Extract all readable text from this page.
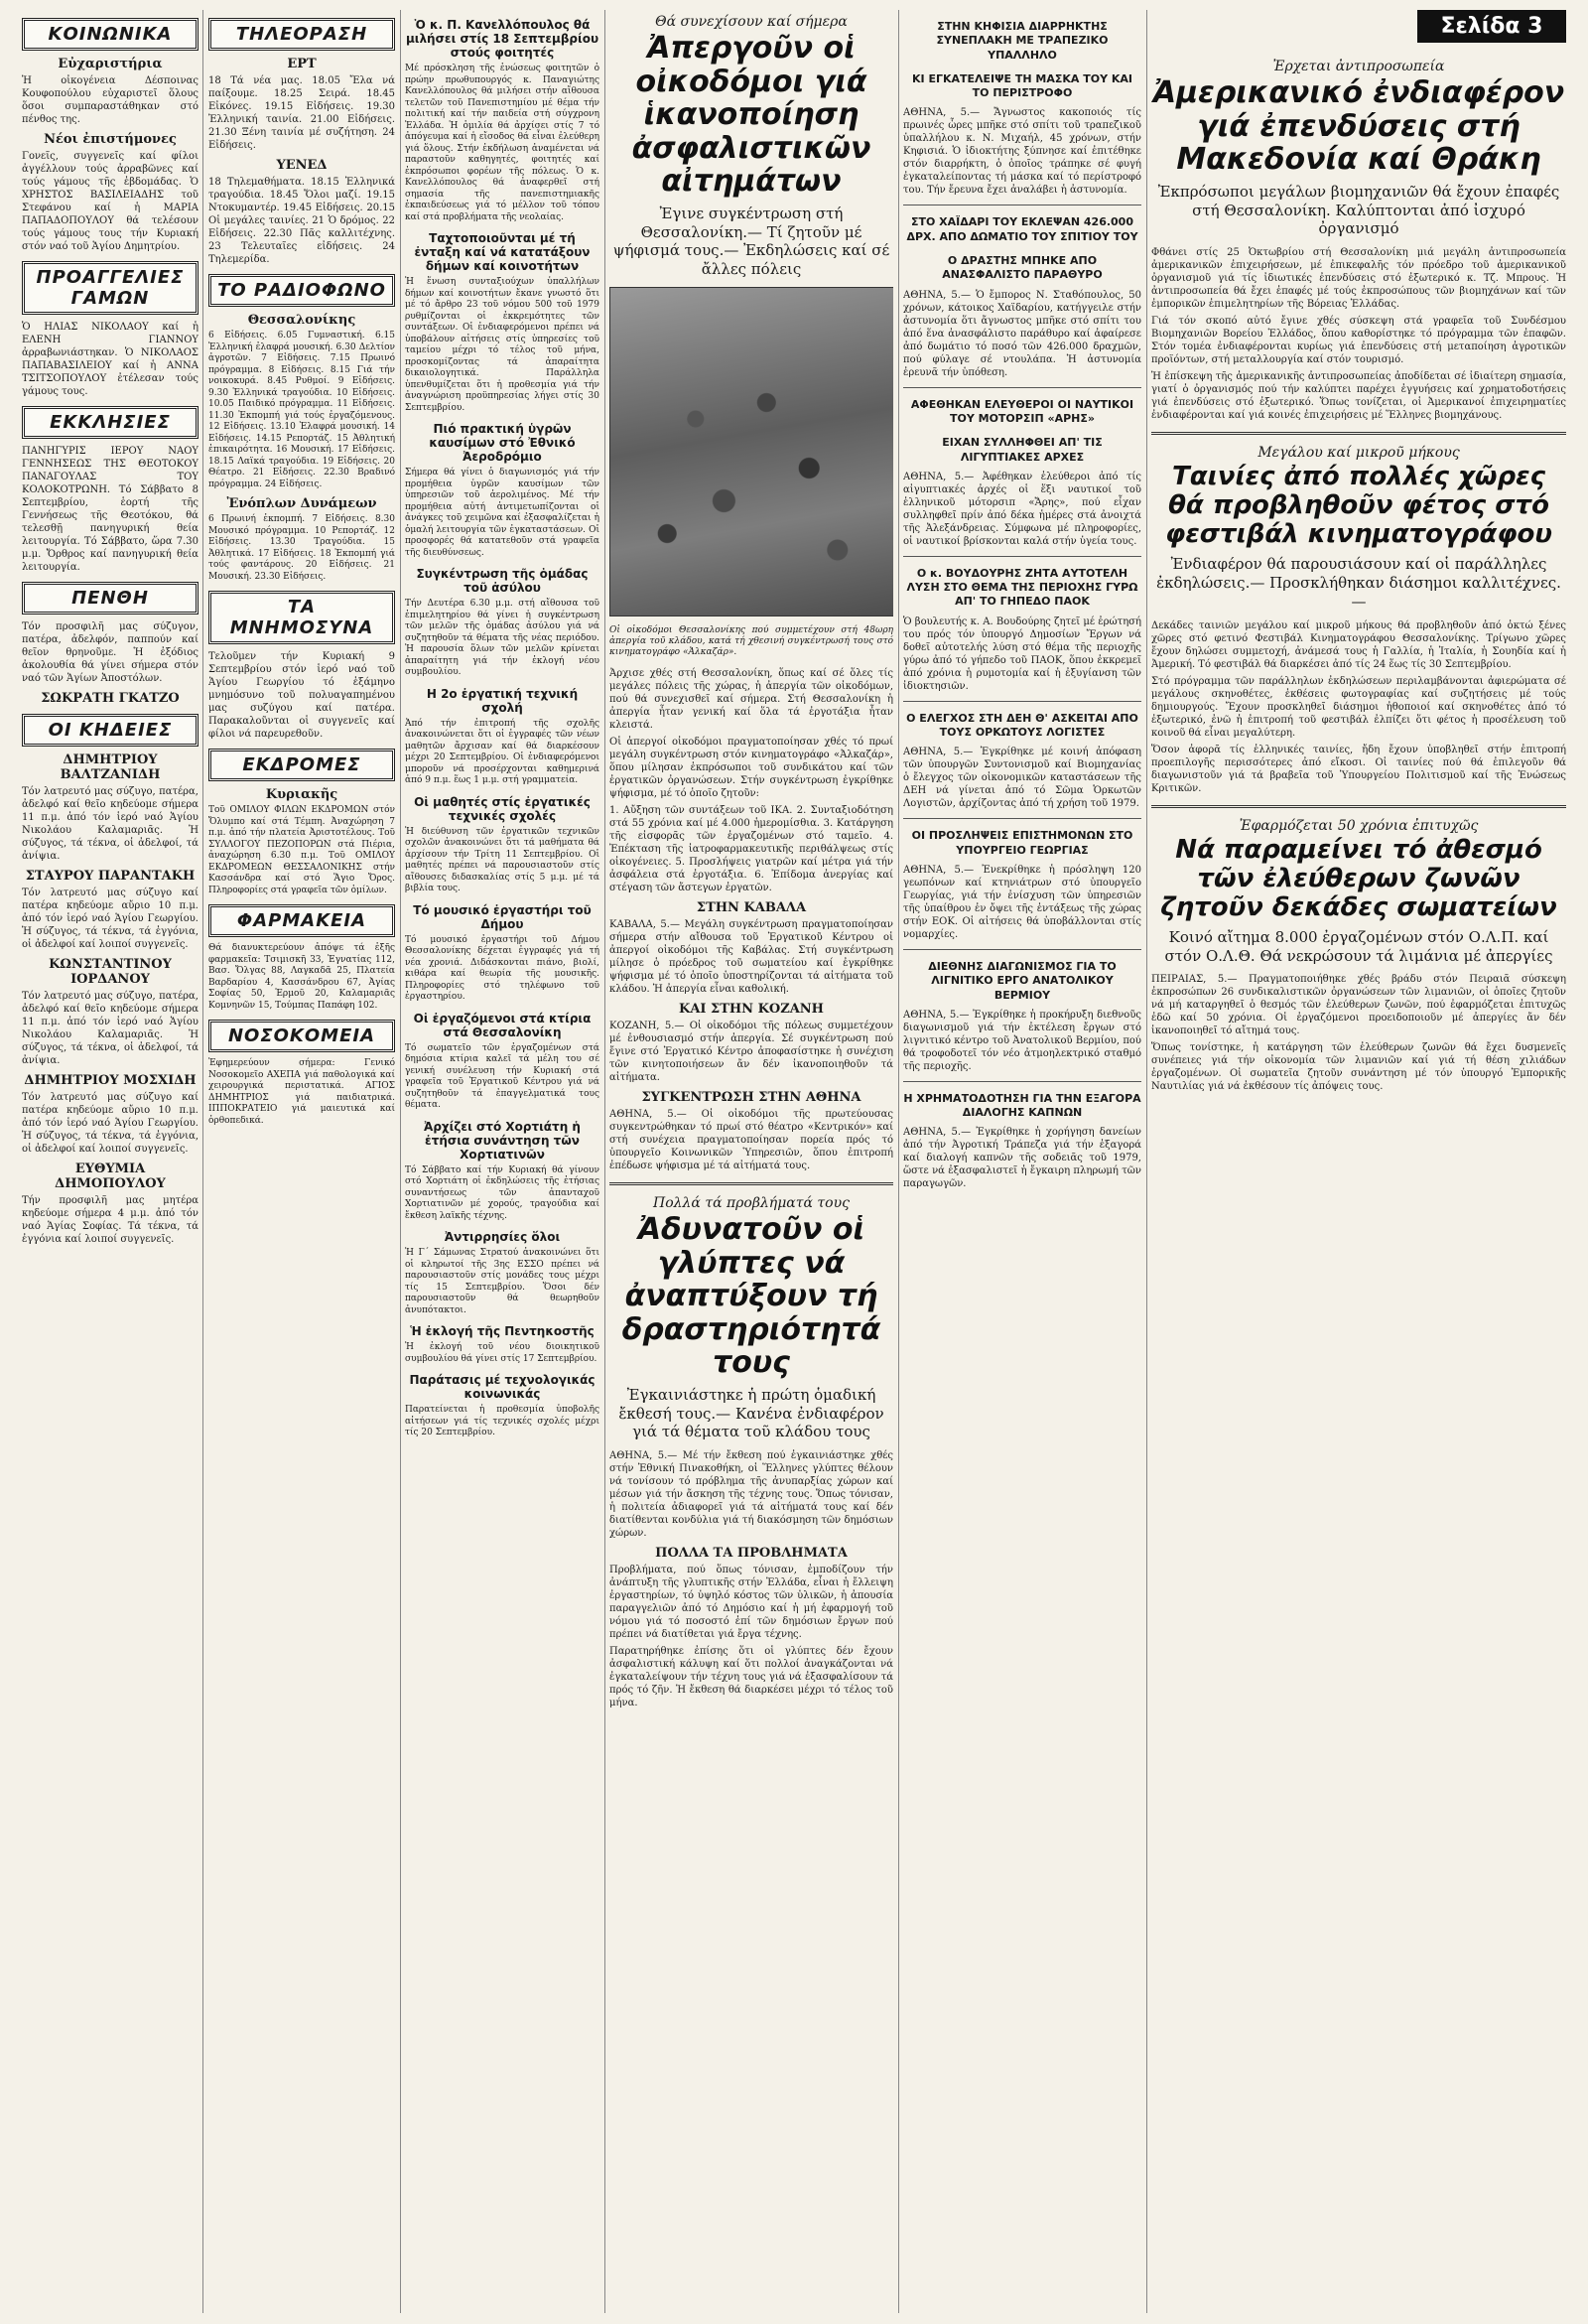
ΚΟΙΝΩΝΙΚΑ
Εὐχαριστήρια

Ἡ οἰκογένεια Δέσποινας Κουφοπούλου εὐχαριστεῖ ὅλους ὅσοι συμπαραστάθηκαν στό πένθος της.

Νέοι ἐπιστήμονες

Γονεῖς, συγγενεῖς καί φίλοι ἀγγέλλουν τούς ἀρραβῶνες καί τούς γάμους τῆς ἑβδομάδας. Ὁ ΧΡΗΣΤΟΣ ΒΑΣΙΛΕΙΑΔΗΣ τοῦ Στεφάνου καί ἡ ΜΑΡΙΑ ΠΑΠΑΔΟΠΟΥΛΟΥ θά τελέσουν τούς γάμους τους τήν Κυριακή στόν ναό τοῦ Ἁγίου Δημητρίου.

ΠΡΟΑΓΓΕΛΙΕΣ ΓΑΜΩΝ

Ὁ ΗΛΙΑΣ ΝΙΚΟΛΑΟΥ καί ἡ ΕΛΕΝΗ ΓΙΑΝΝΟΥ ἀρραβωνιάστηκαν. Ὁ ΝΙΚΟΛΑΟΣ ΠΑΠΑΒΑΣΙΛΕΙΟΥ καί ἡ ΑΝΝΑ ΤΣΙΤΣΟΠΟΥΛΟΥ ἐτέλεσαν τούς γάμους τους.

ΕΚΚΛΗΣΙΕΣ

ΠΑΝΗΓΥΡΙΣ ΙΕΡΟΥ ΝΑΟΥ ΓΕΝΝΗΣΕΩΣ ΤΗΣ ΘΕΟΤΟΚΟΥ ΠΑΝΑΓΟΥΛΑΣ ΤΟΥ ΚΟΛΟΚΟΤΡΩΝΗ. Τό Σάββατο 8 Σεπτεμβρίου, ἑορτή τῆς Γεννήσεως τῆς Θεοτόκου, θά τελεσθῇ πανηγυρική θεία λειτουργία. Τό Σάββατο, ὥρα 7.30 μ.μ. Ὄρθρος καί πανηγυρική θεία λειτουργία.

ΠΕΝΘΗ

Τόν προσφιλῆ μας σύζυγον, πατέρα, ἀδελφόν, παππούν καί θεῖον θρηνοῦμε. Ἡ ἐξόδιος ἀκολουθία θά γίνει σήμερα στόν ναό τῶν Ἁγίων Ἀποστόλων.

ΣΩΚΡΑΤΗ ΓΚΑΤΖΟ
ΟΙ ΚΗΔΕΙΕΣ
ΔΗΜΗΤΡΙΟΥ ΒΑΛΤΖΑΝΙΔΗ

Τόν λατρευτό μας σύζυγο, πατέρα, ἀδελφό καί θεῖο κηδεύομε σήμερα 11 π.μ. ἀπό τόν ἱερό ναό Ἁγίου Νικολάου Καλαμαριᾶς. Ἡ σύζυγος, τά τέκνα, οἱ ἀδελφοί, τά ἀνίψια.

ΣΤΑΥΡΟΥ ΠΑΡΑΝΤΑΚΗ

Τόν λατρευτό μας σύζυγο καί πατέρα κηδεύομε αὔριο 10 π.μ. ἀπό τόν ἱερό ναό Ἁγίου Γεωργίου. Ἡ σύζυγος, τά τέκνα, τά ἐγγόνια, οἱ ἀδελφοί καί λοιποί συγγενεῖς.

ΚΩΝΣΤΑΝΤΙΝΟΥ ΙΟΡΔΑΝΟΥ

Τόν λατρευτό μας σύζυγο, πατέρα, ἀδελφό καί θεῖο κηδεύομε σήμερα 11 π.μ. ἀπό τόν ἱερό ναό Ἁγίου Νικολάου Καλαμαριᾶς. Ἡ σύζυγος, τά τέκνα, οἱ ἀδελφοί, τά ἀνίψια.

ΔΗΜΗΤΡΙΟΥ ΜΟΣΧΙΔΗ

Τόν λατρευτό μας σύζυγο καί πατέρα κηδεύομε αὔριο 10 π.μ. ἀπό τόν ἱερό ναό Ἁγίου Γεωργίου. Ἡ σύζυγος, τά τέκνα, τά ἐγγόνια, οἱ ἀδελφοί καί λοιποί συγγενεῖς.

ΕΥΘΥΜΙΑ ΔΗΜΟΠΟΥΛΟΥ

Τήν προσφιλῆ μας μητέρα κηδεύομε σήμερα 4 μ.μ. ἀπό τόν ναό Ἁγίας Σοφίας. Τά τέκνα, τά ἐγγόνια καί λοιποί συγγενεῖς.

ΤΗΛΕΟΡΑΣΗ
ΕΡΤ

18 Τά νέα μας. 18.05 Ἔλα νά παίξουμε. 18.25 Σειρά. 18.45 Εἰκόνες. 19.15 Εἰδήσεις. 19.30 Ἐλληνική ταινία. 21.00 Εἰδήσεις. 21.30 Ξένη ταινία μέ συζήτηση. 24 Εἰδήσεις.

ΥΕΝΕΔ

18 Τηλεμαθήματα. 18.15 Ἑλληνικά τραγούδια. 18.45 Ὅλοι μαζί. 19.15 Ντοκυμαντέρ. 19.45 Εἰδήσεις. 20.15 Οἱ μεγάλες ταινίες. 21 Ὁ δρόμος. 22 Εἰδήσεις. 22.30 Πᾶς καλλιτέχνης. 23 Τελευταῖες εἰδήσεις. 24 Τηλεμερίδα.

ΤΟ ΡΑΔΙΟΦΩΝΟ
Θεσσαλονίκης

6 Εἰδήσεις. 6.05 Γυμναστική. 6.15 Ἑλληνική ἐλαφρά μουσική. 6.30 Δελτίον ἀγροτῶν. 7 Εἰδήσεις. 7.15 Πρωινό πρόγραμμα. 8 Εἰδήσεις. 8.15 Γιά τήν νοικοκυρά. 8.45 Ρυθμοί. 9 Εἰδήσεις. 9.30 Ἑλληνικά τραγούδια. 10 Εἰδήσεις. 10.05 Παιδικό πρόγραμμα. 11 Εἰδήσεις. 11.30 Ἐκπομπή γιά τούς ἐργαζόμενους. 12 Εἰδήσεις. 13.10 Ἐλαφρά μουσική. 14 Εἰδήσεις. 14.15 Ρεπορτάζ. 15 Ἀθλητική ἐπικαιρότητα. 16 Μουσική. 17 Εἰδήσεις. 18.15 Λαϊκά τραγούδια. 19 Εἰδήσεις. 20 Θέατρο. 21 Εἰδήσεις. 22.30 Βραδινό πρόγραμμα. 24 Εἰδήσεις.

Ἐνόπλων Δυνάμεων

6 Πρωινή ἐκπομπή. 7 Εἰδήσεις. 8.30 Μουσικό πρόγραμμα. 10 Ρεπορτάζ. 12 Εἰδήσεις. 13.30 Τραγούδια. 15 Ἀθλητικά. 17 Εἰδήσεις. 18 Ἐκπομπή γιά τούς φαντάρους. 20 Εἰδήσεις. 21 Μουσική. 23.30 Εἰδήσεις.

ΤΑ ΜΝΗΜΟΣΥΝΑ

Τελοῦμεν τήν Κυριακή 9 Σεπτεμβρίου στόν ἱερό ναό τοῦ Ἁγίου Γεωργίου τό ἑξάμηνο μνημόσυνο τοῦ πολυαγαπημένου μας συζύγου καί πατέρα. Παρακαλοῦνται οἱ συγγενεῖς καί φίλοι νά παρευρεθοῦν.

ΕΚΔΡΟΜΕΣ
Κυριακῆς

Τοῦ ΟΜΙΛΟΥ ΦΙΛΩΝ ΕΚΔΡΟΜΩΝ στόν Ὄλυμπο καί στά Τέμπη. Ἀναχώρηση 7 π.μ. ἀπό τήν πλατεία Ἀριστοτέλους. Τοῦ ΣΥΛΛΟΓΟΥ ΠΕΖΟΠΟΡΩΝ στά Πιέρια, ἀναχώρηση 6.30 π.μ. Τοῦ ΟΜΙΛΟΥ ΕΚΔΡΟΜΕΩΝ ΘΕΣΣΑΛΟΝΙΚΗΣ στήν Κασσάνδρα καί στό Ἅγιο Ὄρος. Πληροφορίες στά γραφεῖα τῶν ὁμίλων.

ΦΑΡΜΑΚΕΙΑ

Θά διανυκτερεύουν ἀπόψε τά ἑξῆς φαρμακεῖα: Τσιμισκῆ 33, Ἐγνατίας 112, Βασ. Ὄλγας 88, Λαγκαδᾶ 25, Πλατεία Βαρδαρίου 4, Κασσάνδρου 67, Ἀγίας Σοφίας 50, Ἑρμοῦ 20, Καλαμαριᾶς Κομνηνῶν 15, Τούμπας Παπάφη 102.

ΝΟΣΟΚΟΜΕΙΑ

Ἐφημερεύουν σήμερα: Γενικό Νοσοκομεῖο ΑΧΕΠΑ γιά παθολογικά καί χειρουργικά περιστατικά. ΑΓΙΟΣ ΔΗΜΗΤΡΙΟΣ γιά παιδιατρικά. ΙΠΠΟΚΡΑΤΕΙΟ γιά μαιευτικά καί ὀρθοπεδικά.

Ὁ κ. Π. Κανελλόπουλος θά μιλήσει στίς 18 Σεπτεμβρίου στούς φοιτητές

Μέ πρόσκληση τῆς ἑνώσεως φοιτητῶν ὁ πρώην πρωθυπουργός κ. Παναγιώτης Κανελλόπουλος θά μιλήσει στήν αἴθουσα τελετῶν τοῦ Πανεπιστημίου μέ θέμα τήν πολιτική καί τήν παιδεία στή σύγχρονη Ἑλλάδα. Ἡ ὁμιλία θά ἀρχίσει στίς 7 τό ἀπόγευμα καί ἡ εἴσοδος θά εἶναι ἐλεύθερη γιά ὅλους. Στήν ἐκδήλωση ἀναμένεται νά παραστοῦν καθηγητές, φοιτητές καί ἐκπρόσωποι φορέων τῆς πόλεως. Ὁ κ. Κανελλόπουλος θά ἀναφερθεῖ στή σημασία τῆς πανεπιστημιακῆς ἐκπαιδεύσεως γιά τό μέλλον τοῦ τόπου καί στά προβλήματα τῆς νεολαίας.

Ταχτοποιοῦνται μέ τή ἐνταξη καί νά κατατάξουν δήμων καί κοινοτήτων

Ἡ ἕνωση συνταξιούχων ὑπαλλήλων δήμων καί κοινοτήτων ἔκανε γνωστό ὅτι μέ τό ἄρθρο 23 τοῦ νόμου 500 τοῦ 1979 ρυθμίζονται οἱ ἐκκρεμότητες τῶν συντάξεων. Οἱ ἐνδιαφερόμενοι πρέπει νά ὑποβάλουν αἰτήσεις στίς ὑπηρεσίες τοῦ ταμείου μέχρι τό τέλος τοῦ μήνα, προσκομίζοντας τά ἀπαραίτητα δικαιολογητικά. Παράλληλα ὑπενθυμίζεται ὅτι ἡ προθεσμία γιά τήν ἀναγνώριση προϋπηρεσίας λήγει στίς 30 Σεπτεμβρίου.

Πιό πρακτική ὑγρῶν καυσίμων στό Ἐθνικό Ἀεροδρόμιο

Σήμερα θά γίνει ὁ διαγωνισμός γιά τήν προμήθεια ὑγρῶν καυσίμων τῶν ὑπηρεσιῶν τοῦ ἀερολιμένος. Μέ τήν προμήθεια αὐτή ἀντιμετωπίζονται οἱ ἀνάγκες τοῦ χειμῶνα καί ἐξασφαλίζεται ἡ ὁμαλή λειτουργία τῶν ἐγκαταστάσεων. Οἱ προσφορές θά κατατεθοῦν στά γραφεῖα τῆς διευθύνσεως.

Συγκέντρωση τῆς ὁμάδας τοῦ ἀσύλου

Τήν Δευτέρα 6.30 μ.μ. στή αἴθουσα τοῦ ἐπιμελητηρίου θά γίνει ἡ συγκέντρωση τῶν μελῶν τῆς ὁμάδας ἀσύλου γιά νά συζητηθοῦν τά θέματα τῆς νέας περιόδου. Ἡ παρουσία ὅλων τῶν μελῶν κρίνεται ἀπαραίτητη γιά τήν ἐκλογή νέου συμβουλίου.

Η 2ο ἐργατική τεχνική σχολή

Ἀπό τήν ἐπιτροπή τῆς σχολῆς ἀνακοινώνεται ὅτι οἱ ἐγγραφές τῶν νέων μαθητῶν ἄρχισαν καί θά διαρκέσουν μέχρι 20 Σεπτεμβρίου. Οἱ ἐνδιαφερόμενοι μποροῦν νά προσέρχονται καθημερινά ἀπό 9 π.μ. ἕως 1 μ.μ. στή γραμματεία.

Οἱ μαθητές στίς ἐργατικές τεχνικές σχολές

Ἡ διεύθυνση τῶν ἐργατικῶν τεχνικῶν σχολῶν ἀνακοινώνει ὅτι τά μαθήματα θά ἀρχίσουν τήν Τρίτη 11 Σεπτεμβρίου. Οἱ μαθητές πρέπει νά παρουσιαστοῦν στίς αἴθουσες διδασκαλίας στίς 5 μ.μ. μέ τά βιβλία τους.

Τό μουσικό ἐργαστήρι τοῦ Δήμου

Τό μουσικό ἐργαστήρι τοῦ Δήμου Θεσσαλονίκης δέχεται ἐγγραφές γιά τή νέα χρονιά. Διδάσκονται πιάνο, βιολί, κιθάρα καί θεωρία τῆς μουσικῆς. Πληροφορίες στό τηλέφωνο τοῦ ἐργαστηρίου.

Οἱ ἐργαζόμενοι στά κτίρια στά Θεσσαλονίκη

Τό σωματεῖο τῶν ἐργαζομένων στά δημόσια κτίρια καλεῖ τά μέλη του σέ γενική συνέλευση τήν Κυριακή στά γραφεῖα τοῦ Ἐργατικοῦ Κέντρου γιά νά συζητηθοῦν τά ἐπαγγελματικά τους θέματα.

Ἀρχίζει στό Χορτιάτη ἡ ἐτήσια συνάντηση τῶν Χορτιατινῶν

Τό Σάββατο καί τήν Κυριακή θά γίνουν στό Χορτιάτη οἱ ἐκδηλώσεις τῆς ἐτήσιας συναντήσεως τῶν ἀπανταχοῦ Χορτιατινῶν μέ χορούς, τραγούδια καί ἔκθεση λαϊκῆς τέχνης.

Ἀντιρρησίες ὅλοι

Ἡ Γ΄ Σάμωνας Στρατού ἀνακοινώνει ὅτι οἱ κληρωτοί τῆς 3ης ΕΣΣΟ πρέπει νά παρουσιαστοῦν στίς μονάδες τους μέχρι τίς 15 Σεπτεμβρίου. Ὅσοι δέν παρουσιαστοῦν θά θεωρηθοῦν ἀνυπότακτοι.

Ἡ ἐκλογή τῆς Πεντηκοστῆς

Ἡ ἐκλογή τοῦ νέου διοικητικοῦ συμβουλίου θά γίνει στίς 17 Σεπτεμβρίου.

Παράτασις μέ τεχνολογικάς κοινωνικάς

Παρατείνεται ἡ προθεσμία ὑποβολῆς αἰτήσεων γιά τίς τεχνικές σχολές μέχρι τίς 20 Σεπτεμβρίου.

Θά συνεχίσουν καί σήμερα
Ἀπεργοῦν οἱ οἰκοδόμοι γιά ἱκανοποίηση ἀσφαλιστικῶν αἰτημάτων
Ἐγινε συγκέντρωση στή Θεσσαλονίκη.— Τί ζητοῦν μέ ψήφισμά τους.— Ἐκδηλώσεις καί σέ ἄλλες πόλεις

Οἱ οἰκοδόμοι Θεσσαλονίκης πού συμμετέχουν στή 48ωρη ἀπεργία τοῦ κλάδου, κατά τή χθεσινή συγκέντρωσή τους στό κινηματογράφο «Ἀλκαζάρ».

Ἀρχισε χθές στή Θεσσαλονίκη, ὅπως καί σέ ὅλες τίς μεγάλες πόλεις τῆς χώρας, ἡ ἀπεργία τῶν οἰκοδόμων, πού θά συνεχισθεῖ καί σήμερα. Στή Θεσσαλονίκη ἡ ἀπεργία ἦταν γενική καί ὅλα τά ἐργοτάξια ἦταν κλειστά.

Οἱ ἀπεργοί οἰκοδόμοι πραγματοποίησαν χθές τό πρωί μεγάλη συγκέντρωση στόν κινηματογράφο «Ἀλκαζάρ», ὅπου μίλησαν ἐκπρόσωποι τοῦ συνδικάτου καί τῶν ἐργατικῶν ὀργανώσεων. Στήν συγκέντρωση ἐγκρίθηκε ψήφισμα, μέ τό ὁποῖο ζητοῦν:

1. Αὔξηση τῶν συντάξεων τοῦ ΙΚΑ. 2. Συνταξιοδότηση στά 55 χρόνια καί μέ 4.000 ἡμερομίσθια. 3. Κατάργηση τῆς εἰσφορᾶς τῶν ἐργαζομένων στό ταμεῖο. 4. Ἐπέκταση τῆς ἰατροφαρμακευτικῆς περιθάλψεως στίς οἰκογένειες. 5. Προσλήψεις γιατρῶν καί μέτρα γιά τήν ἀσφάλεια στά ἐργοτάξια. 6. Ἐπίδομα ἀνεργίας καί στέγαση τῶν ἄστεγων ἐργατῶν.

ΣΤΗΝ ΚΑΒΑΛΑ

ΚΑΒΑΛΑ, 5.— Μεγάλη συγκέντρωση πραγματοποίησαν σήμερα στήν αἴθουσα τοῦ Ἐργατικοῦ Κέντρου οἱ ἀπεργοί οἰκοδόμοι τῆς Καβάλας. Στή συγκέντρωση μίλησε ὁ πρόεδρος τοῦ σωματείου καί ἐγκρίθηκε ψήφισμα μέ τό ὁποῖο ὑποστηρίζονται τά αἰτήματα τοῦ κλάδου. Ἡ ἀπεργία εἶναι καθολική.

ΚΑΙ ΣΤΗΝ ΚΟΖΑΝΗ

ΚΟΖΑΝΗ, 5.— Οἱ οἰκοδόμοι τῆς πόλεως συμμετέχουν μέ ἐνθουσιασμό στήν ἀπεργία. Σέ συγκέντρωση πού ἔγινε στό Ἐργατικό Κέντρο ἀποφασίστηκε ἡ συνέχιση τῶν κινητοποιήσεων ἄν δέν ἱκανοποιηθοῦν τά αἰτήματα.

ΣΥΓΚΕΝΤΡΩΣΗ ΣΤΗΝ ΑΘΗΝΑ

ΑΘΗΝΑ, 5.— Οἱ οἰκοδόμοι τῆς πρωτεύουσας συγκεντρώθηκαν τό πρωί στό θέατρο «Κεντρικόν» καί στή συνέχεια πραγματοποίησαν πορεία πρός τό ὑπουργεῖο Κοινωνικῶν Ὑπηρεσιῶν, ὅπου ἐπιτροπή ἐπέδωσε ψήφισμα μέ τά αἰτήματά τους.

Πολλά τά προβλήματά τους
Ἀδυνατοῦν οἱ γλύπτες νά ἀναπτύξουν τή δραστηριότητά τους
Ἐγκαινιάστηκε ἡ πρώτη ὁμαδική ἔκθεσή τους.— Κανένα ἐνδιαφέρον γιά τά θέματα τοῦ κλάδου τους

ΑΘΗΝΑ, 5.— Μέ τήν ἔκθεση πού ἐγκαινιάστηκε χθές στήν Ἐθνική Πινακοθήκη, οἱ Ἕλληνες γλύπτες θέλουν νά τονίσουν τό πρόβλημα τῆς ἀνυπαρξίας χώρων καί μέσων γιά τήν ἄσκηση τῆς τέχνης τους. Ὅπως τόνισαν, ἡ πολιτεία ἀδιαφορεῖ γιά τά αἰτήματά τους καί δέν διατίθενται κονδύλια γιά τή διακόσμηση τῶν δημόσιων χώρων.

ΠΟΛΛΑ ΤΑ ΠΡΟΒΛΗΜΑΤΑ

Προβλήματα, πού ὅπως τόνισαν, ἐμποδίζουν τήν ἀνάπτυξη τῆς γλυπτικῆς στήν Ἑλλάδα, εἶναι ἡ ἔλλειψη ἐργαστηρίων, τό ὑψηλό κόστος τῶν ὑλικῶν, ἡ ἀπουσία παραγγελιῶν ἀπό τό Δημόσιο καί ἡ μή ἐφαρμογή τοῦ νόμου γιά τό ποσοστό ἐπί τῶν δημόσιων ἔργων πού πρέπει νά διατίθεται γιά ἔργα τέχνης.

Παρατηρήθηκε ἐπίσης ὅτι οἱ γλύπτες δέν ἔχουν ἀσφαλιστική κάλυψη καί ὅτι πολλοί ἀναγκάζονται νά ἐγκαταλείψουν τήν τέχνη τους γιά νά ἐξασφαλίσουν τά πρός τό ζῆν. Ἡ ἔκθεση θά διαρκέσει μέχρι τό τέλος τοῦ μήνα.

ΣΤΗΝ ΚΗΦΙΣΙΑ ΔΙΑΡΡΗΚΤΗΣ ΣΥΝΕΠΛΑΚΗ ΜΕ ΤΡΑΠΕΖΙΚΟ ΥΠΑΛΛΗΛΟ
ΚΙ ΕΓΚΑΤΕΛΕΙΨΕ ΤΗ ΜΑΣΚΑ ΤΟΥ ΚΑΙ ΤΟ ΠΕΡΙΣΤΡΟΦΟ

ΑΘΗΝΑ, 5.— Ἄγνωστος κακοποιός τίς πρωινές ὧρες μπῆκε στό σπίτι τοῦ τραπεζικοῦ ὑπαλλήλου κ. Ν. Μιχαήλ, 45 χρόνων, στήν Κηφισιά. Ὁ ἰδιοκτήτης ξύπνησε καί ἐπιτέθηκε στόν διαρρήκτη, ὁ ὁποῖος τράπηκε σέ φυγή ἐγκαταλείποντας τή μάσκα καί τό περίστροφό του. Τήν ἔρευνα ἔχει ἀναλάβει ἡ ἀστυνομία.

ΣΤΟ ΧΑΪΔΑΡΙ ΤΟΥ ΕΚΛΕΨΑΝ 426.000 ΔΡΧ. ΑΠΟ ΔΩΜΑΤΙΟ ΤΟΥ ΣΠΙΤΙΟΥ ΤΟΥ
Ο ΔΡΑΣΤΗΣ ΜΠΗΚΕ ΑΠΟ ΑΝΑΣΦΑΛΙΣΤΟ ΠΑΡΑΘΥΡΟ

ΑΘΗΝΑ, 5.— Ὁ ἔμπορος Ν. Σταθόπουλος, 50 χρόνων, κάτοικος Χαϊδαρίου, κατήγγειλε στήν ἀστυνομία ὅτι ἄγνωστος μπῆκε στό σπίτι του ἀπό ἕνα ἀνασφάλιστο παράθυρο καί ἀφαίρεσε ἀπό δωμάτιο τό ποσό τῶν 426.000 δραχμῶν, πού φύλαγε σέ ντουλάπα. Ἡ ἀστυνομία ἐρευνᾶ τήν ὑπόθεση.

ΑΦΕΘΗΚΑΝ ΕΛΕΥΘΕΡΟΙ ΟΙ ΝΑΥΤΙΚΟΙ ΤΟΥ ΜΟΤΟΡΣΙΠ «ΑΡΗΣ»
ΕΙΧΑΝ ΣΥΛΛΗΦΘΕΙ ΑΠ' ΤΙΣ ΛΙΓΥΠΤΙΑΚΕΣ ΑΡΧΕΣ

ΑΘΗΝΑ, 5.— Ἀφέθηκαν ἐλεύθεροι ἀπό τίς αἰγυπτιακές ἀρχές οἱ ἕξι ναυτικοί τοῦ ἑλληνικοῦ μότορσιπ «Ἄρης», πού εἶχαν συλληφθεῖ πρίν ἀπό δέκα ἡμέρες στά ἀνοιχτά τῆς Ἀλεξάνδρειας. Σύμφωνα μέ πληροφορίες, οἱ ναυτικοί βρίσκονται καλά στήν ὑγεία τους.

Ο κ. ΒΟΥΔΟΥΡΗΣ ΖΗΤΑ ΑΥΤΟΤΕΛΗ ΛΥΣΗ ΣΤΟ ΘΕΜΑ ΤΗΣ ΠΕΡΙΟΧΗΣ ΓΥΡΩ ΑΠ' ΤΟ ΓΗΠΕΔΟ ΠΑΟΚ

Ὁ βουλευτής κ. Α. Βουδούρης ζητεῖ μέ ἐρώτησή του πρός τόν ὑπουργό Δημοσίων Ἔργων νά δοθεῖ αὐτοτελής λύση στό θέμα τῆς περιοχῆς γύρω ἀπό τό γήπεδο τοῦ ΠΑΟΚ, ὅπου ἐκκρεμεῖ ἀπό χρόνια ἡ ρυμοτομία καί ἡ ἐξυγίανση τῶν ἰδιοκτησιῶν.

Ο ΕΛΕΓΧΟΣ ΣΤΗ ΔΕΗ Θ' ΑΣΚΕΙΤΑΙ ΑΠΟ ΤΟΥΣ ΟΡΚΩΤΟΥΣ ΛΟΓΙΣΤΕΣ

ΑΘΗΝΑ, 5.— Ἐγκρίθηκε μέ κοινή ἀπόφαση τῶν ὑπουργῶν Συντονισμοῦ καί Βιομηχανίας ὁ ἔλεγχος τῶν οἰκονομικῶν καταστάσεων τῆς ΔΕΗ νά γίνεται ἀπό τό Σῶμα Ὁρκωτῶν Λογιστῶν, ἀρχίζοντας ἀπό τή χρήση τοῦ 1979.

ΟΙ ΠΡΟΣΛΗΨΕΙΣ ΕΠΙΣΤΗΜΟΝΩΝ ΣΤΟ ΥΠΟΥΡΓΕΙΟ ΓΕΩΡΓΙΑΣ

ΑΘΗΝΑ, 5.— Ἐνεκρίθηκε ἡ πρόσληψη 120 γεωπόνων καί κτηνιάτρων στό ὑπουργεῖο Γεωργίας, γιά τήν ἐνίσχυση τῶν ὑπηρεσιῶν τῆς ὑπαίθρου ἐν ὄψει τῆς ἐντάξεως τῆς χώρας στήν ΕΟΚ. Οἱ αἰτήσεις θά ὑποβάλλονται στίς νομαρχίες.

ΔΙΕΘΝΗΣ ΔΙΑΓΩΝΙΣΜΟΣ ΓΙΑ ΤΟ ΛΙΓΝΙΤΙΚΟ ΕΡΓΟ ΑΝΑΤΟΛΙΚΟΥ ΒΕΡΜΙΟΥ

ΑΘΗΝΑ, 5.— Ἐγκρίθηκε ἡ προκήρυξη διεθνοῦς διαγωνισμοῦ γιά τήν ἐκτέλεση ἔργων στό λιγνιτικό κέντρο τοῦ Ἀνατολικοῦ Βερμίου, πού θά τροφοδοτεῖ τόν νέο ἀτμοηλεκτρικό σταθμό τῆς περιοχῆς.

Η ΧΡΗΜΑΤΟΔΟΤΗΣΗ ΓΙΑ ΤΗΝ ΕΞΑΓΟΡΑ ΔΙΑΛΟΓΗΣ ΚΑΠΝΩΝ

ΑΘΗΝΑ, 5.— Ἐγκρίθηκε ἡ χορήγηση δανείων ἀπό τήν Ἀγροτική Τράπεζα γιά τήν ἐξαγορά καί διαλογή καπνῶν τῆς σοδειᾶς τοῦ 1979, ὥστε νά ἐξασφαλιστεῖ ἡ ἔγκαιρη πληρωμή τῶν παραγωγῶν.

Σελίδα 3
Ἐρχεται ἀντιπροσωπεία
Ἀμερικανικό ἐνδιαφέρον γιά ἐπενδύσεις στή Μακεδονία καί Θράκη
Ἐκπρόσωποι μεγάλων βιομηχανιῶν θά ἔχουν ἐπαφές στή Θεσσαλονίκη. Καλύπτονται ἀπό ἰσχυρό ὀργανισμό

Φθάνει στίς 25 Ὀκτωβρίου στή Θεσσαλονίκη μιά μεγάλη ἀντιπροσωπεία ἀμερικανικῶν ἐπιχειρήσεων, μέ ἐπικεφαλῆς τόν πρόεδρο τοῦ ἀμερικανικοῦ ὀργανισμοῦ γιά τίς ἰδιωτικές ἐπενδύσεις στό ἐξωτερικό κ. Τζ. Μπρους. Ἡ ἀντιπροσωπεία θά ἔχει ἐπαφές μέ τούς ἐκπροσώπους τῶν βιομηχάνων καί τῶν ἐμπορικῶν ἐπιμελητηρίων τῆς Βόρειας Ἑλλάδας.

Γιά τόν σκοπό αὐτό ἔγινε χθές σύσκεψη στά γραφεῖα τοῦ Συνδέσμου Βιομηχανιῶν Βορείου Ἑλλάδος, ὅπου καθορίστηκε τό πρόγραμμα τῶν ἐπαφῶν. Στόν τομέα ἐνδιαφέρονται κυρίως γιά ἐπενδύσεις στή μεταποίηση ἀγροτικῶν προϊόντων, στή μεταλλουργία καί στόν τουρισμό.

Ἡ ἐπίσκεψη τῆς ἀμερικανικῆς ἀντιπροσωπείας ἀποδίδεται σέ ἰδιαίτερη σημασία, γιατί ὁ ὀργανισμός πού τήν καλύπτει παρέχει ἐγγυήσεις καί χρηματοδοτήσεις γιά ἐπενδύσεις στό ἐξωτερικό. Ὅπως τονίζεται, οἱ Ἀμερικανοί ἐπιχειρηματίες ἐνδιαφέρονται καί γιά κοινές ἐπιχειρήσεις μέ Ἕλληνες βιομηχάνους.

Μεγάλου καί μικροῦ μήκους
Ταινίες ἀπό πολλές χῶρες θά προβληθοῦν φέτος στό φεστιβάλ κινηματογράφου
Ἐνδιαφέρον θά παρουσιάσουν καί οἱ παράλληλες ἐκδηλώσεις.— Προσκλήθηκαν διάσημοι καλλιτέχνες.—

Δεκάδες ταινιῶν μεγάλου καί μικροῦ μήκους θά προβληθοῦν ἀπό ὀκτώ ξένες χῶρες στό φετινό Φεστιβάλ Κινηματογράφου Θεσσαλονίκης. Τρίγωνο χῶρες ἔχουν δηλώσει συμμετοχή, ἀνάμεσά τους ἡ Γαλλία, ἡ Ἰταλία, ἡ Σουηδία καί ἡ Ἀμερική. Τό φεστιβάλ θά διαρκέσει ἀπό τίς 24 ἕως τίς 30 Σεπτεμβρίου.

Στό πρόγραμμα τῶν παράλληλων ἐκδηλώσεων περιλαμβάνονται ἀφιερώματα σέ μεγάλους σκηνοθέτες, ἐκθέσεις φωτογραφίας καί συζητήσεις μέ τούς δημιουργούς. Ἔχουν προσκληθεῖ διάσημοι ἠθοποιοί καί σκηνοθέτες ἀπό τό ἐξωτερικό, ἐνῶ ἡ ἐπιτροπή τοῦ φεστιβάλ ἐλπίζει ὅτι φέτος ἡ προσέλευση τοῦ κοινοῦ θά εἶναι μεγαλύτερη.

Ὅσον ἀφορᾶ τίς ἑλληνικές ταινίες, ἤδη ἔχουν ὑποβληθεῖ στήν ἐπιτροπή προεπιλογῆς περισσότερες ἀπό εἴκοσι. Οἱ ταινίες πού θά ἐπιλεγοῦν θά διαγωνιστοῦν γιά τά βραβεῖα τοῦ Ὑπουργείου Πολιτισμοῦ καί τῆς Ἑνώσεως Κριτικῶν.

Ἐφαρμόζεται 50 χρόνια ἐπιτυχῶς
Νά παραμείνει τό ἀθεσμό τῶν ἐλεύθερων ζωνῶν ζητοῦν δεκάδες σωματείων
Κοινό αἴτημα 8.000 ἐργαζομένων στόν Ο.Λ.Π. καί στόν Ο.Λ.Θ. Θά νεκρώσουν τά λιμάνια μέ ἀπεργίες

ΠΕΙΡΑΙΑΣ, 5.— Πραγματοποιήθηκε χθές βράδυ στόν Πειραιᾶ σύσκεψη ἐκπροσώπων 26 συνδικαλιστικῶν ὀργανώσεων τῶν λιμανιῶν, οἱ ὁποῖες ζητοῦν νά μή καταργηθεῖ ὁ θεσμός τῶν ἐλεύθερων ζωνῶν, πού ἐφαρμόζεται ἐπιτυχῶς ἐδῶ καί 50 χρόνια. Οἱ ἐργαζόμενοι προειδοποιοῦν μέ ἀπεργίες ἄν δέν ἱκανοποιηθεῖ τό αἴτημά τους.

Ὅπως τονίστηκε, ἡ κατάργηση τῶν ἐλεύθερων ζωνῶν θά ἔχει δυσμενεῖς συνέπειες γιά τήν οἰκονομία τῶν λιμανιῶν καί γιά τή θέση χιλιάδων ἐργαζομένων. Οἱ σωματεῖα ζητοῦν συνάντηση μέ τόν ὑπουργό Ἐμπορικῆς Ναυτιλίας γιά νά ἐκθέσουν τίς ἀπόψεις τους.
